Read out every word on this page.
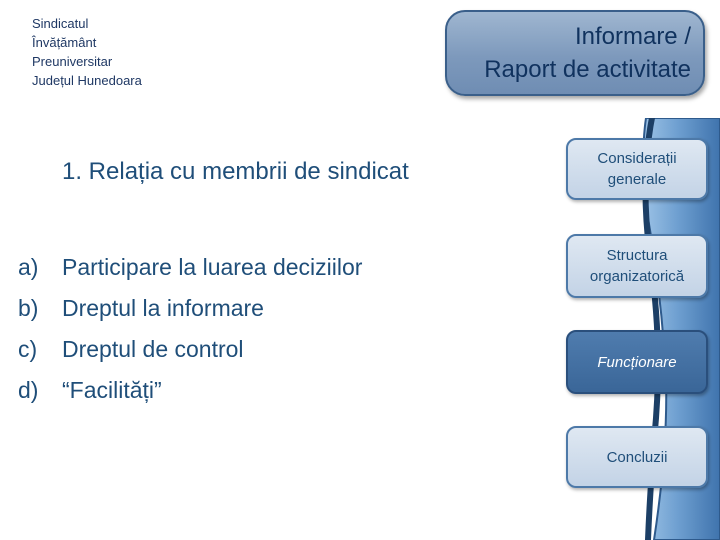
Sindicatul
Învățământ
Preuniversitar
Județul Hunedoara
Informare /
Raport de activitate
1. Relația cu membrii de sindicat
a)	Participare la luarea deciziilor
b)	Dreptul la informare
c)	Dreptul de control
d)	“Facilități”
Considerații
generale
Structura
organizatorică
Funcționare
Concluzii
